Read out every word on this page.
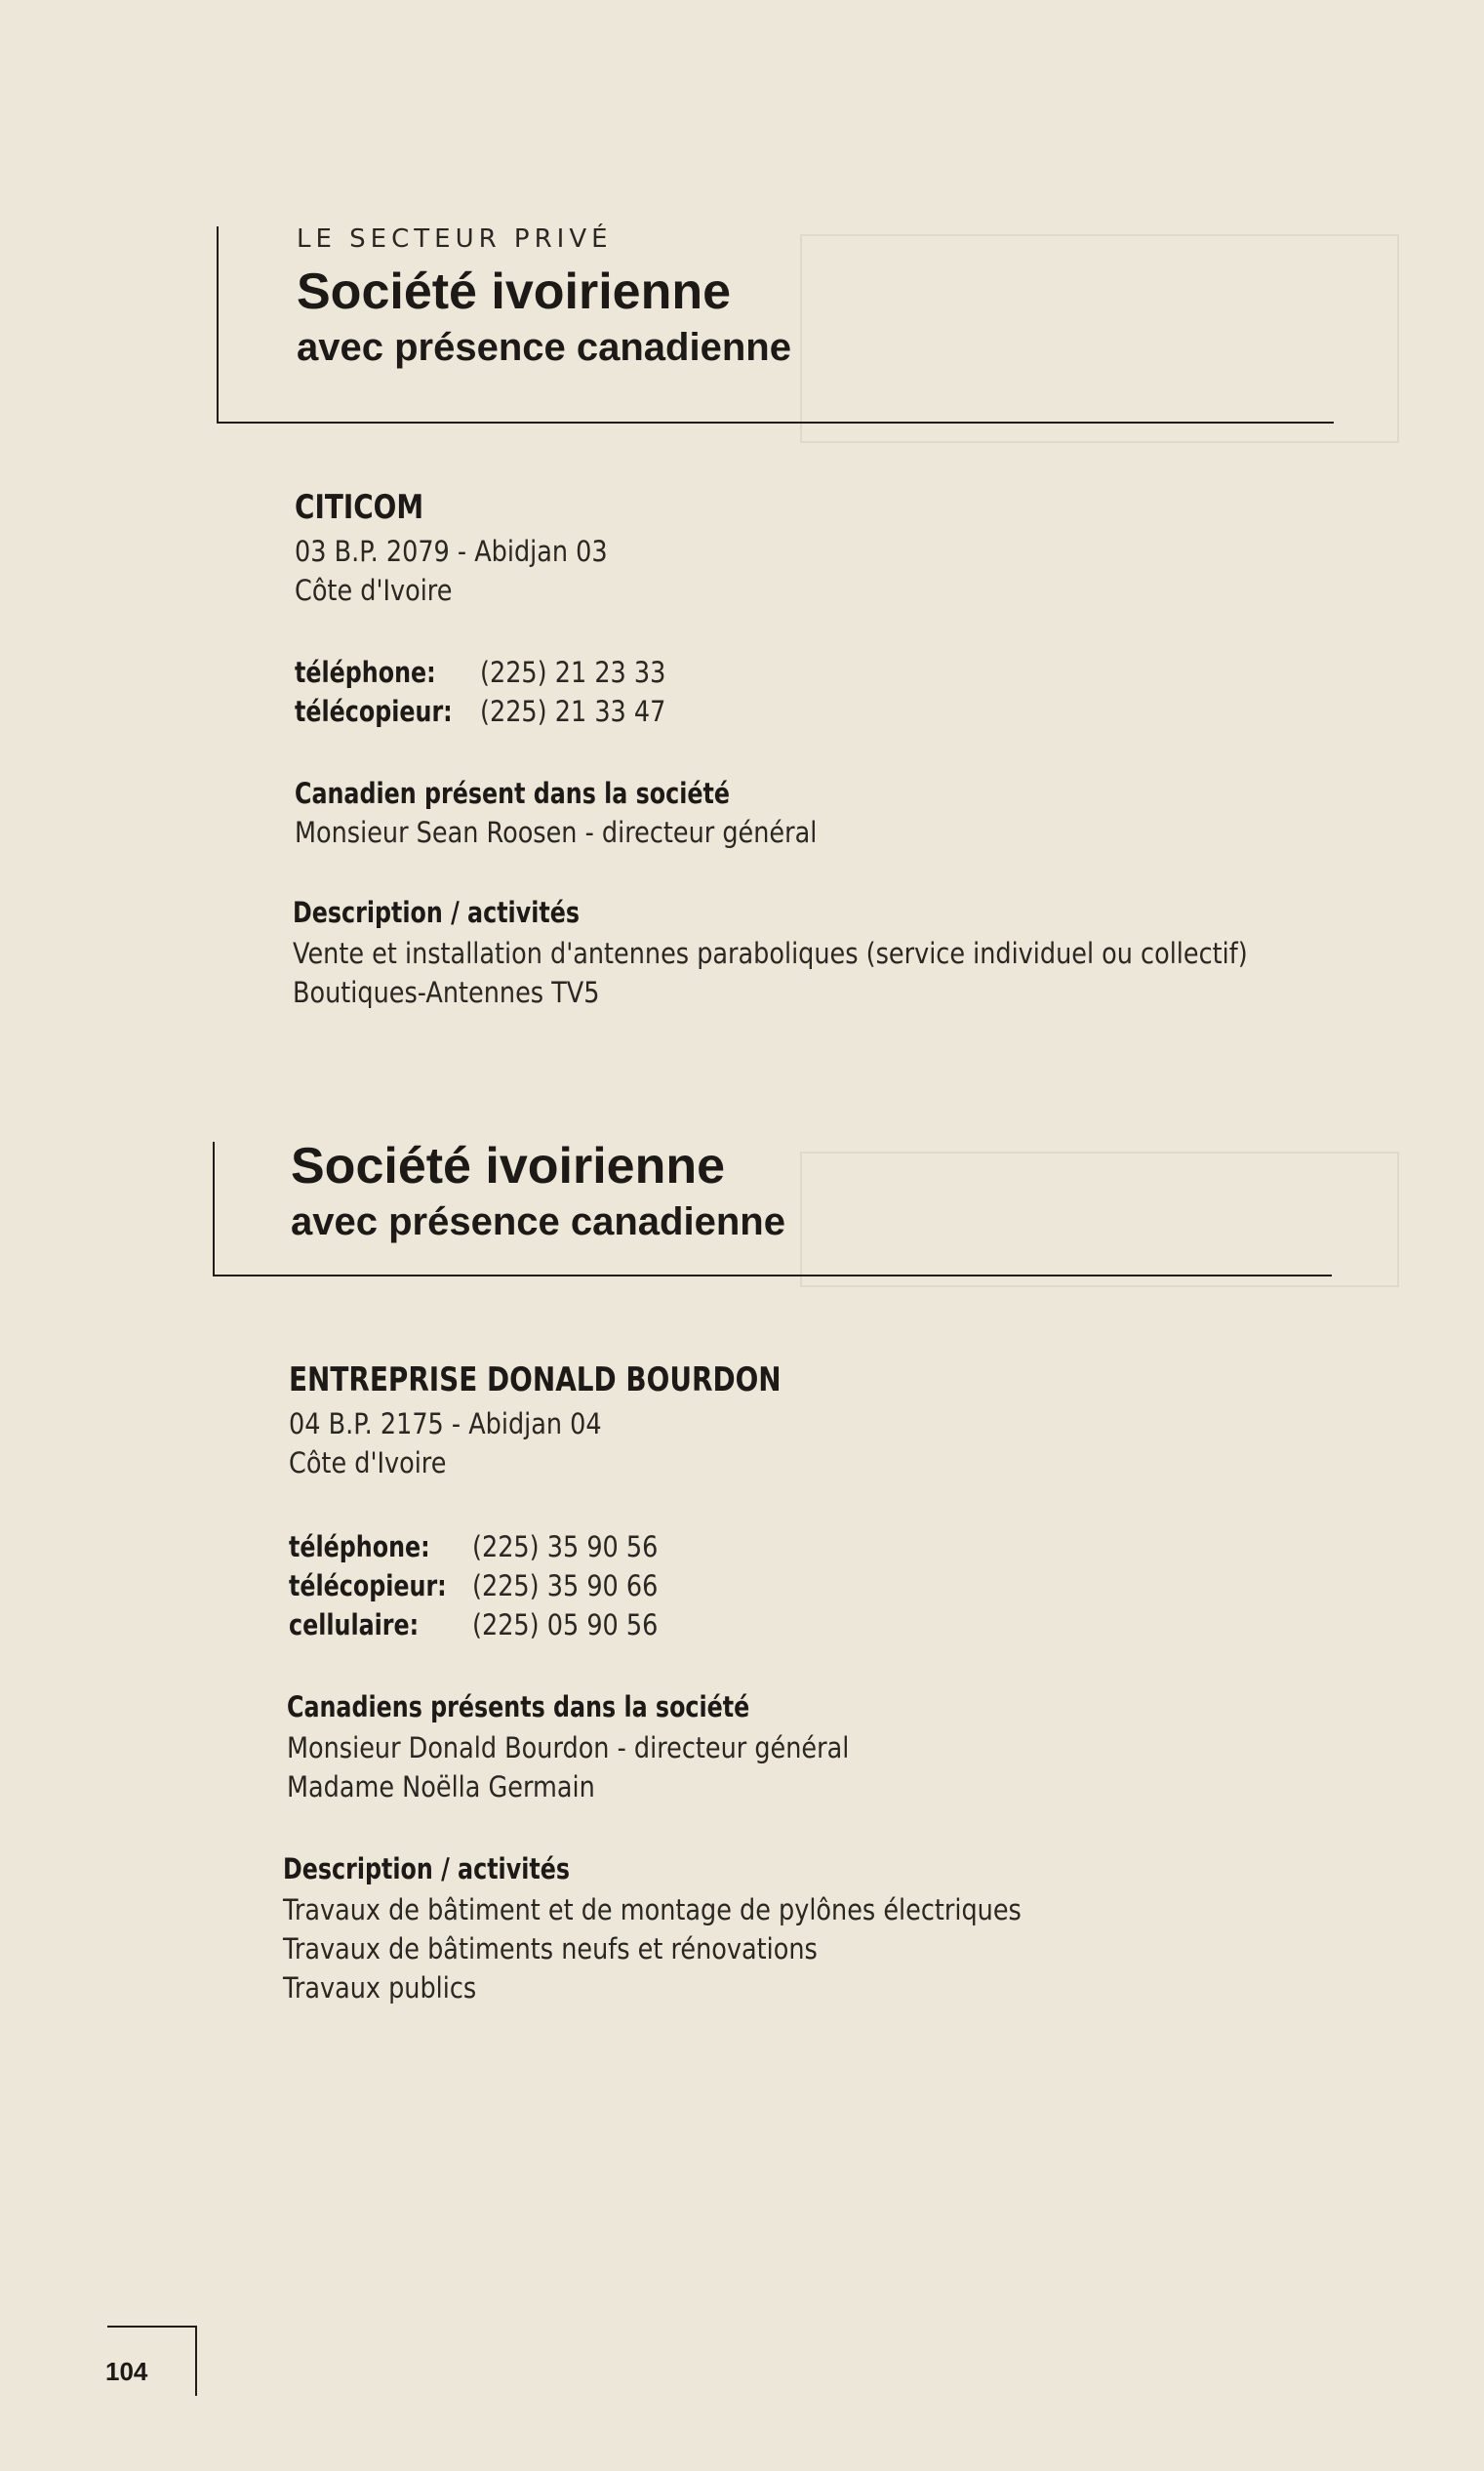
LE SECTEUR PRIVÉ
Société ivoirienne
avec présence canadienne
CITICOM
03 B.P. 2079 - Abidjan 03
Côte d'Ivoire
téléphone: (225) 21 23 33
télécopieur: (225) 21 33 47
Canadien présent dans la société
Monsieur Sean Roosen - directeur général
Description / activités
Vente et installation d'antennes paraboliques (service individuel ou collectif)
Boutiques-Antennes TV5
Société ivoirienne
avec présence canadienne
ENTREPRISE DONALD BOURDON
04 B.P. 2175 - Abidjan 04
Côte d'Ivoire
téléphone: (225) 35 90 56
télécopieur: (225) 35 90 66
cellulaire: (225) 05 90 56
Canadiens présents dans la société
Monsieur Donald Bourdon - directeur général
Madame Noëlla Germain
Description / activités
Travaux de bâtiment et de montage de pylônes électriques
Travaux de bâtiments neufs et rénovations
Travaux publics
104
